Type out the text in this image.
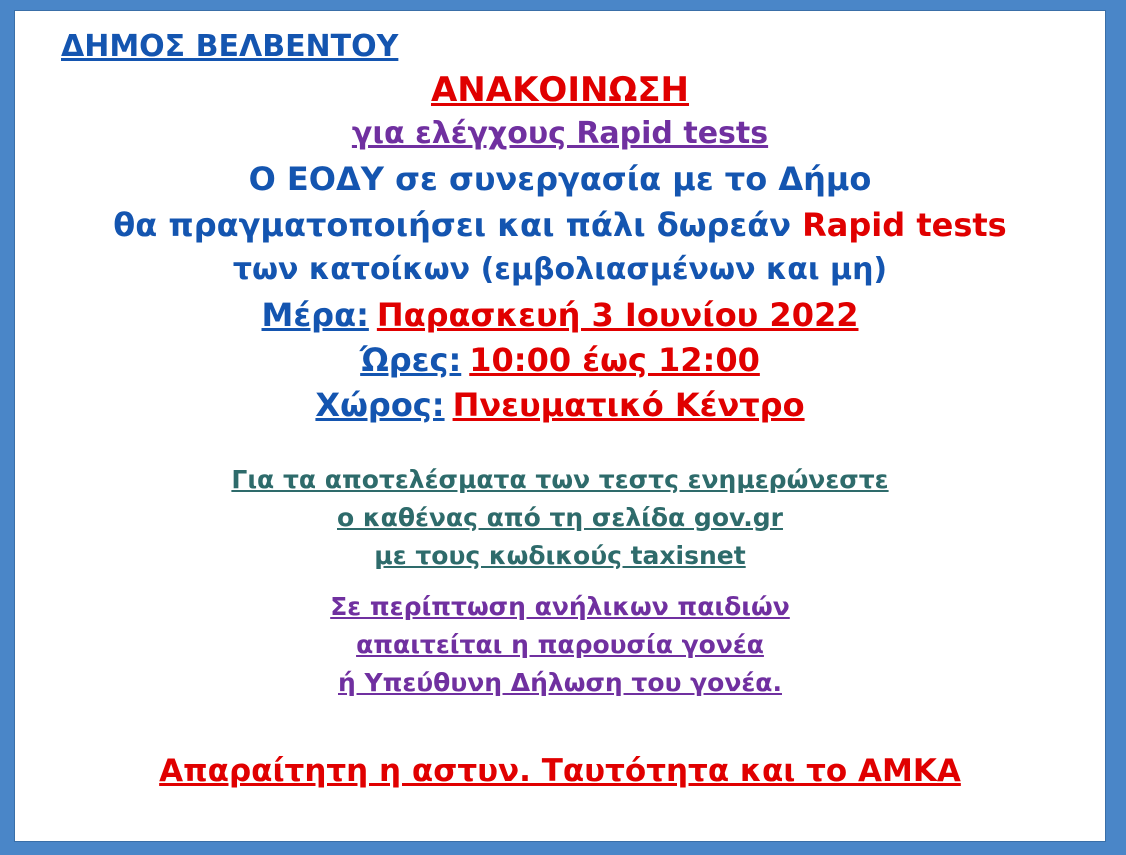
ΔΗΜΟΣ ΒΕΛΒΕΝΤΟΥ
ΑΝΑΚΟΙΝΩΣΗ
για ελέγχους Rapid tests
Ο ΕΟΔΥ σε συνεργασία με το Δήμο
θα πραγματοποιήσει και πάλι δωρεάν Rapid tests
των κατοίκων (εμβολιασμένων και μη)
Μέρα: Παρασκευή 3 Ιουνίου 2022
Ώρες: 10:00 έως 12:00
Χώρος: Πνευματικό Κέντρο
Για τα αποτελέσματα των τεστς ενημερώνεστε
ο καθένας από τη σελίδα gov.gr
με τους κωδικούς taxisnet
Σε περίπτωση ανήλικων παιδιών
απαιτείται η παρουσία γονέα
ή Υπεύθυνη Δήλωση του γονέα.
Απαραίτητη η αστυν. Ταυτότητα και το ΑΜΚΑ
